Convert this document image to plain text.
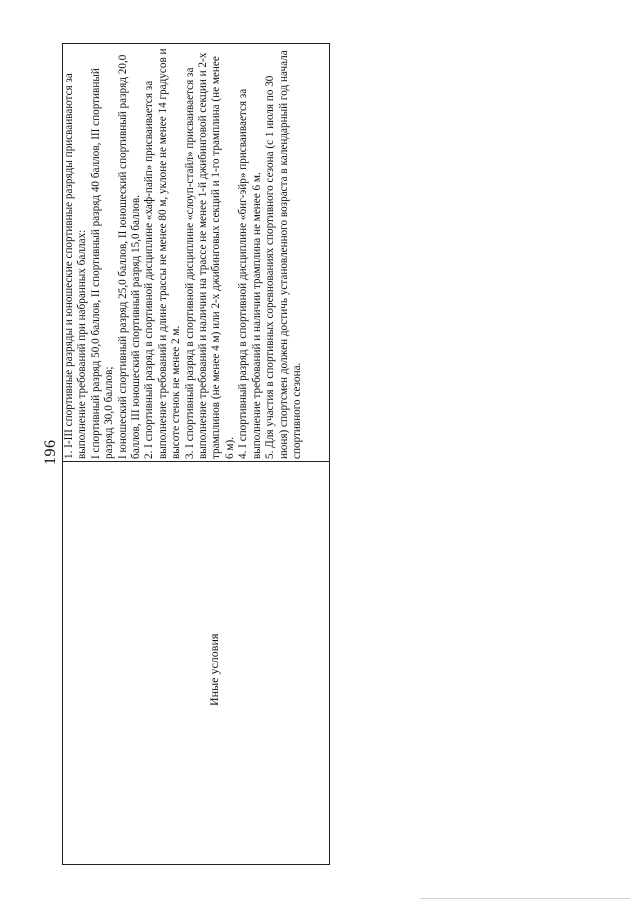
196
Иные условия

1. I-III спортивные разряды и юношеские спортивные разряды присваиваются за выполнение требований при набранных баллах: I спортивный разряд 50,0 баллов, II спортивный разряд 40 баллов, III спортивный разряд 30,0 баллов; I юношеский спортивный разряд 25,0 баллов, II юношеский спортивный разряд 20,0 баллов, III юношеский спортивный разряд 15,0 баллов. 2. I спортивный разряд в спортивной дисциплине «хаф-пайп» присваивается за выполнение требований и длине трассы не менее 80 м, уклоне не менее 14 градусов и высоте стенок не менее 2 м. 3. I спортивный разряд в спортивной дисциплине «слоуп-стайл» присваивается за выполнение требований и наличии на трассе не менее 1-й джибинговой секции и 2-х трамплинов (не менее 4 м) или 2-х джибинговых секций и 1-го трамплина (не менее 6 м). 4. I спортивный разряд в спортивной дисциплине «биг-эйр» присваивается за выполнение требований и наличии трамплина не менее 6 м. 5. Для участия в спортивных соревнованиях спортивного сезона (с 1 июля по 30 июня) спортсмен должен достичь установленного возраста в календарный год начала спортивного сезона.
